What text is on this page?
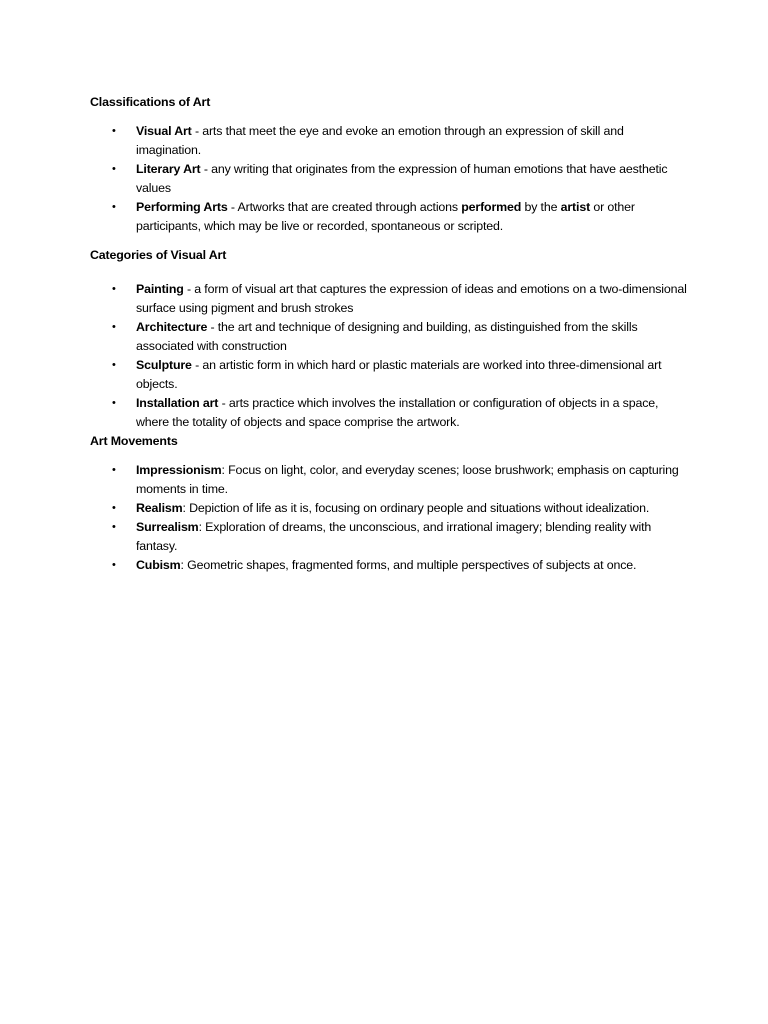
Classifications of Art

• Visual Art - arts that meet the eye and evoke an emotion through an expression of skill and imagination.
• Literary Art - any writing that originates from the expression of human emotions that have aesthetic values
• Performing Arts - Artworks that are created through actions performed by the artist or other participants, which may be live or recorded, spontaneous or scripted.

Categories of Visual Art

• Painting - a form of visual art that captures the expression of ideas and emotions on a two-dimensional surface using pigment and brush strokes
• Architecture - the art and technique of designing and building, as distinguished from the skills associated with construction
• Sculpture - an artistic form in which hard or plastic materials are worked into three-dimensional art objects.
• Installation art - arts practice which involves the installation or configuration of objects in a space, where the totality of objects and space comprise the artwork.

Art Movements

• Impressionism: Focus on light, color, and everyday scenes; loose brushwork; emphasis on capturing moments in time.
• Realism: Depiction of life as it is, focusing on ordinary people and situations without idealization.
• Surrealism: Exploration of dreams, the unconscious, and irrational imagery; blending reality with fantasy.
• Cubism: Geometric shapes, fragmented forms, and multiple perspectives of subjects at once.
